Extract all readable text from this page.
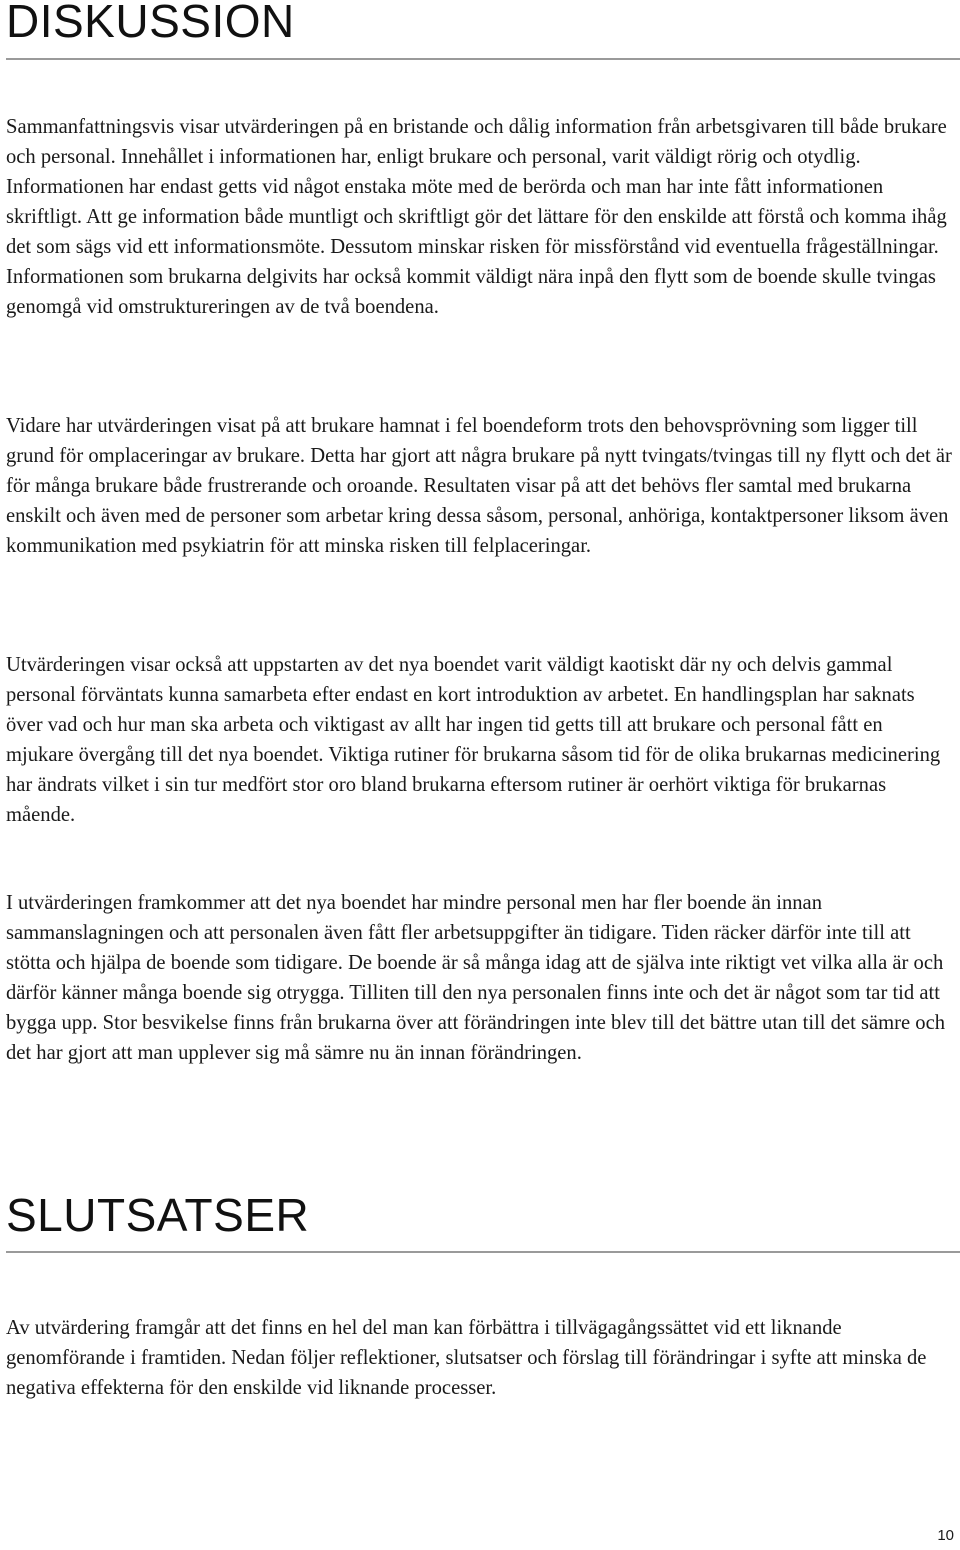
DISKUSSION

Sammanfattningsvis visar utvärderingen på en bristande och dålig information från arbetsgivaren till både brukare och personal. Innehållet i informationen har, enligt brukare och personal, varit väldigt rörig och otydlig. Informationen har endast getts vid något enstaka möte med de berörda och man har inte fått informationen skriftligt. Att ge information både muntligt och skriftligt gör det lättare för den enskilde att förstå och komma ihåg det som sägs vid ett informationsmöte. Dessutom minskar risken för missförstånd vid eventuella frågeställningar. Informationen som brukarna delgivits har också kommit väldigt nära inpå den flytt som de boende skulle tvingas genomgå vid omstruktureringen av de två boendena.

Vidare har utvärderingen visat på att brukare hamnat i fel boendeform trots den behovsprövning som ligger till grund för omplaceringar av brukare. Detta har gjort att några brukare på nytt tvingats/tvingas till ny flytt och det är för många brukare både frustrerande och oroande. Resultaten visar på att det behövs fler samtal med brukarna enskilt och även med de personer som arbetar kring dessa såsom, personal, anhöriga, kontaktpersoner liksom även kommunikation med psykiatrin för att minska risken till felplaceringar.

Utvärderingen visar också att uppstarten av det nya boendet varit väldigt kaotiskt där ny och delvis gammal personal förväntats kunna samarbeta efter endast en kort introduktion av arbetet. En handlingsplan har saknats över vad och hur man ska arbeta och viktigast av allt har ingen tid getts till att brukare och personal fått en mjukare övergång till det nya boendet. Viktiga rutiner för brukarna såsom tid för de olika brukarnas medicinering har ändrats vilket i sin tur medfört stor oro bland brukarna eftersom rutiner är oerhört viktiga för brukarnas mående.

I utvärderingen framkommer att det nya boendet har mindre personal men har fler boende än innan sammanslagningen och att personalen även fått fler arbetsuppgifter än tidigare. Tiden räcker därför inte till att stötta och hjälpa de boende som tidigare. De boende är så många idag att de själva inte riktigt vet vilka alla är och därför känner många boende sig otrygga. Tilliten till den nya personalen finns inte och det är något som tar tid att bygga upp. Stor besvikelse finns från brukarna över att förändringen inte blev till det bättre utan till det sämre och det har gjort att man upplever sig må sämre nu än innan förändringen.

SLUTSATSER

Av utvärdering framgår att det finns en hel del man kan förbättra i tillvägagångssättet vid ett liknande genomförande i framtiden. Nedan följer reflektioner, slutsatser och förslag till förändringar i syfte att minska de negativa effekterna för den enskilde vid liknande processer.

10
